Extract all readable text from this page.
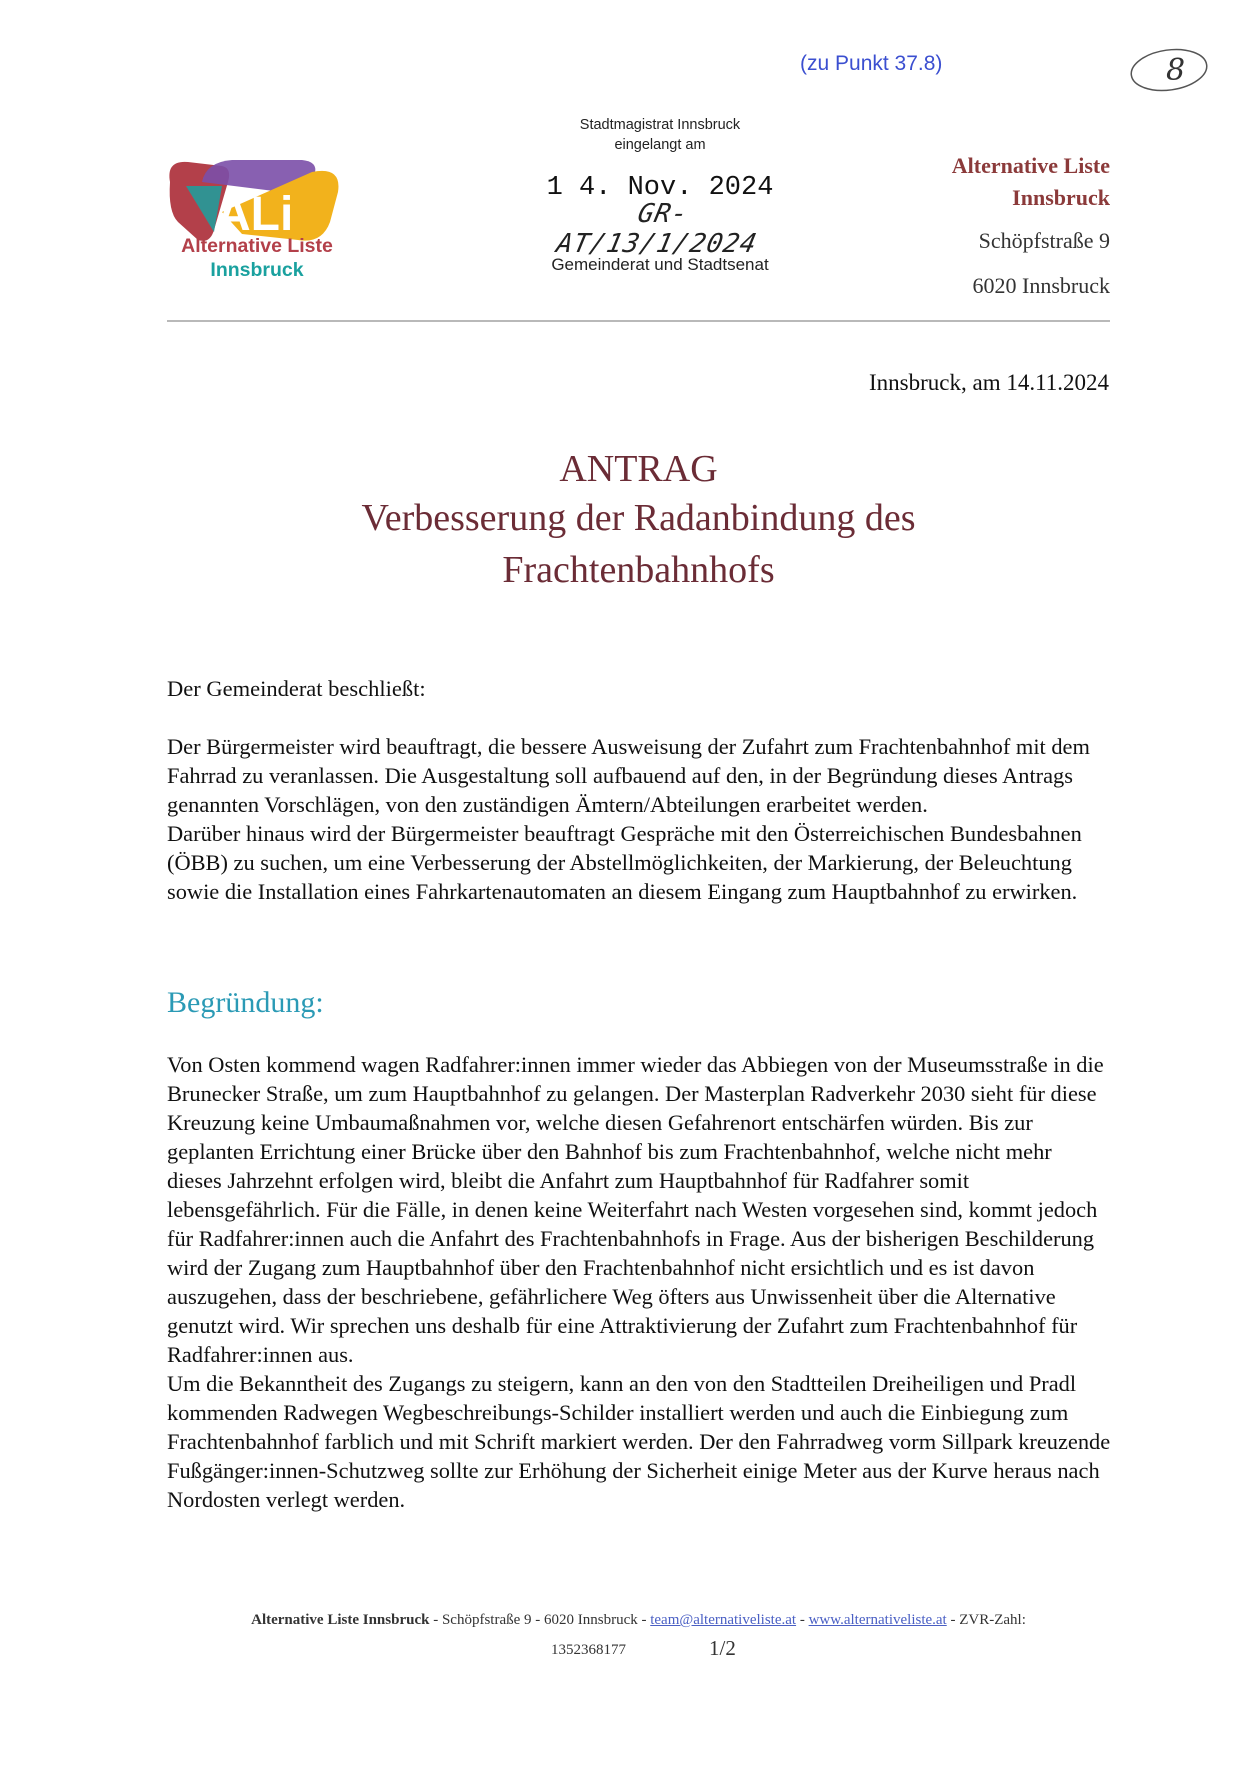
(zu Punkt 37.8)	8
ALi
Alternative Liste
Innsbruck
Stadtmagistrat Innsbruck
eingelangt am
1 4. Nov. 2024
GR-AT/13/1/2024
Gemeinderat und Stadtsenat
Alternative Liste
Innsbruck
Schöpfstraße 9
6020 Innsbruck
Innsbruck, am 14.11.2024
ANTRAG
Verbesserung der Radanbindung des
Frachtenbahnhofs
Der Gemeinderat beschließt:

Der Bürgermeister wird beauftragt, die bessere Ausweisung der Zufahrt zum Frachtenbahnhof mit dem Fahrrad zu veranlassen. Die Ausgestaltung soll aufbauend auf den, in der Begründung dieses Antrags genannten Vorschlägen, von den zuständigen Ämtern/Abteilungen erarbeitet werden.

Darüber hinaus wird der Bürgermeister beauftragt Gespräche mit den Österreichischen Bundesbahnen (ÖBB) zu suchen, um eine Verbesserung der Abstellmöglichkeiten, der Markierung, der Beleuchtung sowie die Installation eines Fahrkartenautomaten an diesem Eingang zum Hauptbahnhof zu erwirken.

Begründung:

Von Osten kommend wagen Radfahrer:innen immer wieder das Abbiegen von der Museumsstraße in die Brunecker Straße, um zum Hauptbahnhof zu gelangen. Der Masterplan Radverkehr 2030 sieht für diese Kreuzung keine Umbaumaßnahmen vor, welche diesen Gefahrenort entschärfen würden. Bis zur geplanten Errichtung einer Brücke über den Bahnhof bis zum Frachtenbahnhof, welche nicht mehr dieses Jahrzehnt erfolgen wird, bleibt die Anfahrt zum Hauptbahnhof für Radfahrer somit lebensgefährlich. Für die Fälle, in denen keine Weiterfahrt nach Westen vorgesehen sind, kommt jedoch für Radfahrer:innen auch die Anfahrt des Frachtenbahnhofs in Frage. Aus der bisherigen Beschilderung wird der Zugang zum Hauptbahnhof über den Frachtenbahnhof nicht ersichtlich und es ist davon auszugehen, dass der beschriebene, gefährlichere Weg öfters aus Unwissenheit über die Alternative genutzt wird. Wir sprechen uns deshalb für eine Attraktivierung der Zufahrt zum Frachtenbahnhof für Radfahrer:innen aus.

Um die Bekanntheit des Zugangs zu steigern, kann an den von den Stadtteilen Dreiheiligen und Pradl kommenden Radwegen Wegbeschreibungs-Schilder installiert werden und auch die Einbiegung zum Frachtenbahnhof farblich und mit Schrift markiert werden. Der den Fahrradweg vorm Sillpark kreuzende Fußgänger:innen-Schutzweg sollte zur Erhöhung der Sicherheit einige Meter aus der Kurve heraus nach Nordosten verlegt werden.

Alternative Liste Innsbruck - Schöpfstraße 9 - 6020 Innsbruck - team@alternativeliste.at - www.alternativeliste.at - ZVR-Zahl:
1352368177	1/2
